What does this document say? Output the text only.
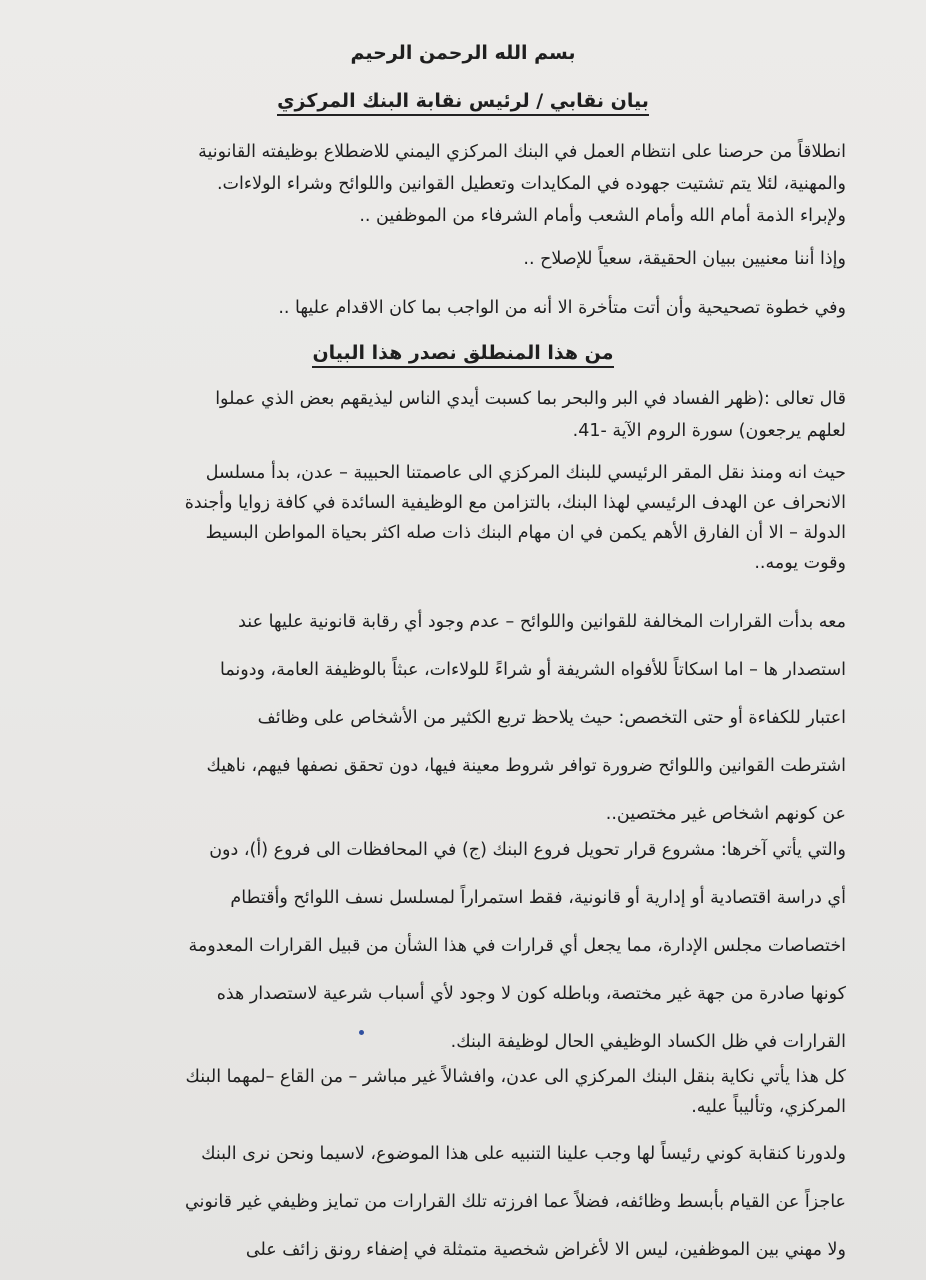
بسم الله الرحمن الرحيم
بيان نقابي / لرئيس نقابة البنك المركزي
انطلاقاً من حرصنا على انتظام العمل في البنك المركزي اليمني للاضطلاع بوظيفته القانونية
والمهنية، لئلا يتم تشتيت جهوده في المكايدات وتعطيل القوانين واللوائح وشراء الولاءات.
ولإبراء الذمة أمام الله وأمام الشعب وأمام الشرفاء من الموظفين ..
وإذا أننا معنيين ببيان الحقيقة، سعياً للإصلاح ..
وفي خطوة تصحيحية وأن أتت متأخرة الا أنه من الواجب بما كان الاقدام عليها ..
من هذا المنطلق نصدر هذا البيان
قال تعالى :(ظهر الفساد في البر والبحر بما كسبت أيدي الناس ليذيقهم بعض الذي عملوا
لعلهم يرجعون) سورة الروم الآية -41.
حيث انه ومنذ نقل المقر الرئيسي للبنك المركزي الى عاصمتنا الحبيبة – عدن، بدأ مسلسل
الانحراف عن الهدف الرئيسي لهذا البنك، بالتزامن مع الوظيفية السائدة في كافة زوايا وأجندة
الدولة – الا أن الفارق الأهم يكمن في ان مهام البنك ذات صله اكثر بحياة المواطن البسيط
وقوت يومه..
معه بدأت القرارات المخالفة للقوانين واللوائح – عدم وجود أي رقابة قانونية عليها عند
استصدار ها – اما اسكاتاً للأفواه الشريفة أو شراءً للولاءات، عبثاً بالوظيفة العامة، ودونما
اعتبار للكفاءة أو حتى التخصص: حيث يلاحظ تربع الكثير من الأشخاص على وظائف
اشترطت القوانين واللوائح ضرورة توافر شروط معينة فيها، دون تحقق نصفها فيهم، ناهيك
عن كونهم اشخاص غير مختصين..
والتي يأتي آخرها: مشروع قرار تحويل فروع البنك (ج) في المحافظات الى فروع (أ)، دون
أي دراسة اقتصادية أو إدارية أو قانونية، فقط استمراراً لمسلسل نسف اللوائح وأقتطام
اختصاصات مجلس الإدارة، مما يجعل أي قرارات في هذا الشأن من قبيل القرارات المعدومة
كونها صادرة من جهة غير مختصة، وباطله كون لا وجود لأي أسباب شرعية لاستصدار هذه
القرارات في ظل الكساد الوظيفي الحال لوظيفة البنك.
كل هذا يأتي نكاية بنقل البنك المركزي الى عدن، وافشالاً غير مباشر – من القاع –لمهما البنك
المركزي، وتأليباً عليه.
ولدورنا كنقابة كوني رئيساً لها وجب علينا التنبيه على هذا الموضوع، لاسيما ونحن نرى البنك
عاجزاً عن القيام بأبسط وظائفه، فضلاً عما افرزته تلك القرارات من تمايز وظيفي غير قانوني
ولا مهني بين الموظفين، ليس الا لأغراض شخصية متمثلة في إضفاء رونق زائف على
